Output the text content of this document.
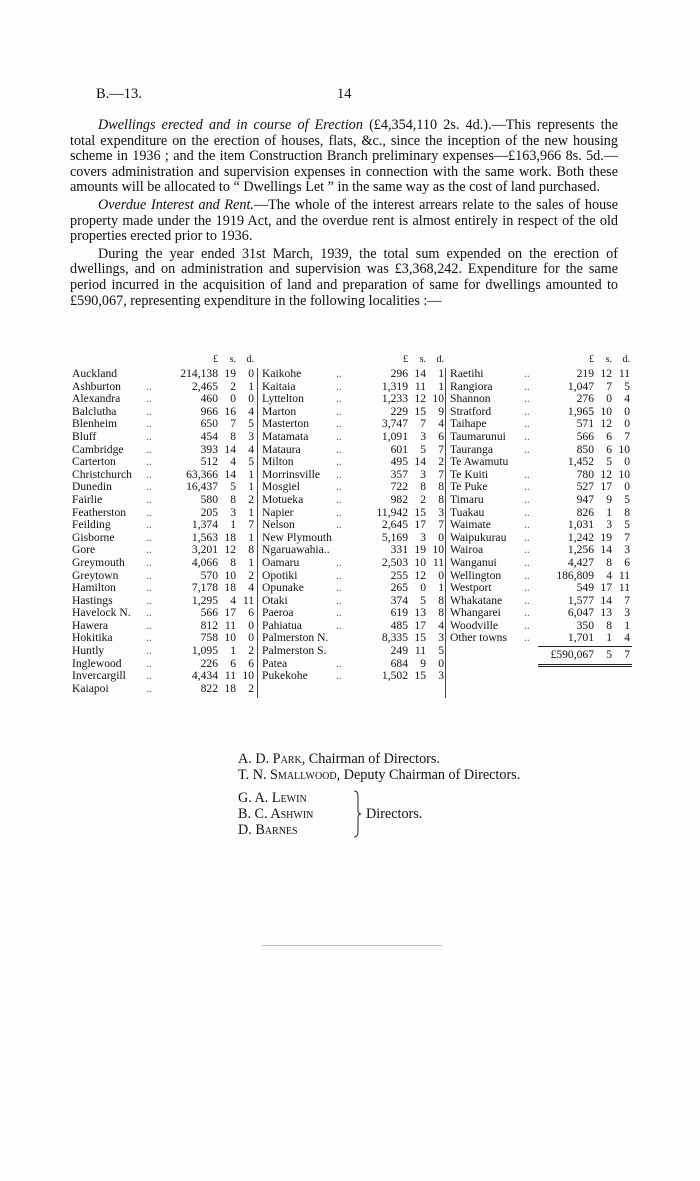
B.—13.	14

Dwellings erected and in course of Erection (£4,354,110 2s. 4d.).—This represents the total expenditure on the erection of houses, flats, &c., since the inception of the new housing scheme in 1936 ; and the item Construction Branch preliminary expenses—£163,966 8s. 5d.—covers administration and supervision expenses in connection with the same work. Both these amounts will be allocated to “ Dwellings Let ” in the same way as the cost of land purchased.

Overdue Interest and Rent.—The whole of the interest arrears relate to the sales of house property made under the 1919 Act, and the overdue rent is almost entirely in respect of the old properties erected prior to 1936.

During the year ended 31st March, 1939, the total sum expended on the erection of dwellings, and on administration and supervision was £3,368,242. Expenditure for the same period incurred in the acquisition of land and preparation of same for dwellings amounted to £590,067, representing expenditure in the following localities :—

£	s.	d.
Auckland	214,138 19	0
Ashburton ..	2,465	2	1
Alexandra ..	460	0	0
Balclutha	..	966 16	4
Blenheim ..	650	7	5
Bluff	..	454	8	3
Cambridge ..	393 14	4
Carterton	..	512	4	5
Christchurch ..	63,366 14	1
Dunedin	..	16,437	5	1
Fairlie	..	580	8	2
Featherston ..	205	3	1
Feilding	..	1,374	1	7
Gisborne	..	1,563 18	1
Gore	..	3,201 12	8
Greymouth ..	4,066	8	1
Greytown ..	570 10	2
Hamilton	..	7,178 18	4
Hastings	..	1,295	4 11
Havelock N. ..	566 17	6
Hawera	..	812 11	0
Hokitika	..	758 10	0
Huntly	..	1,095	1	2
Inglewood ..	226	6	6
Invercargill ..	4,434 11 10
Kaiapoi	..	822 18	2
£	s.	d.
Kaikohe	..	296 14	1
Kaitaia	..	1,319 11	1
Lyttelton	..	1,233 12 10
Marton	..	229 15	9
Masterton ..	3,747	7	4
Matamata ..	1,091	3	6
Mataura	..	601	5	7
Milton	..	495 14	2
Morrinsville ..	357	3	7
Mosgiel	..	722	8	8
Motueka	..	982	2	8
Napier	..	11,942 15	3
Nelson	..	2,645 17	7
New Plymouth	5,169	3	0
Ngaruawahia..	331 19 10
Oamaru	..	2,503 10 11
Opotiki	..	255 12	0
Opunake	..	265	0	1
Otaki	..	374	5	8
Paeroa	..	619 13	8
Pahiatua	..	485 17	4
Palmerston N.	8,335 15	3
Palmerston S.	249 11	5
Patea	..	684	9	0
Pukekohe ..	1,502 15	3
£	s.	d.
Raetihi	..	219 12 11
Rangiora	..	1,047	7	5
Shannon	..	276	0	4
Stratford	..	1,965 10	0
Taihape	..	571 12	0
Taumarunui ..	566	6	7
Tauranga	..	850	6 10
Te Awamutu	1,452	5	0
Te Kuiti	..	780 12 10
Te Puke	..	527 17	0
Timaru	..	947	9	5
Tuakau	..	826	1	8
Waimate	..	1,031	3	5
Waipukurau ..	1,242 19	7
Wairoa	..	1,256 14	3
Wanganui ..	4,427	8	6
Wellington .. 186,809	4 11
Westport	..	549 17 11
Whakatane ..	1,577 14	7
Whangarei ..	6,047 13	3
Woodville ..	350	8	1
Other towns ..	1,701	1	4
£590,067	5	7
A. D. Park, Chairman of Directors.
T. N. Smallwood, Deputy Chairman of Directors.
G. A. Lewin
B. C. Ashwin
D. Barnes
Directors.
